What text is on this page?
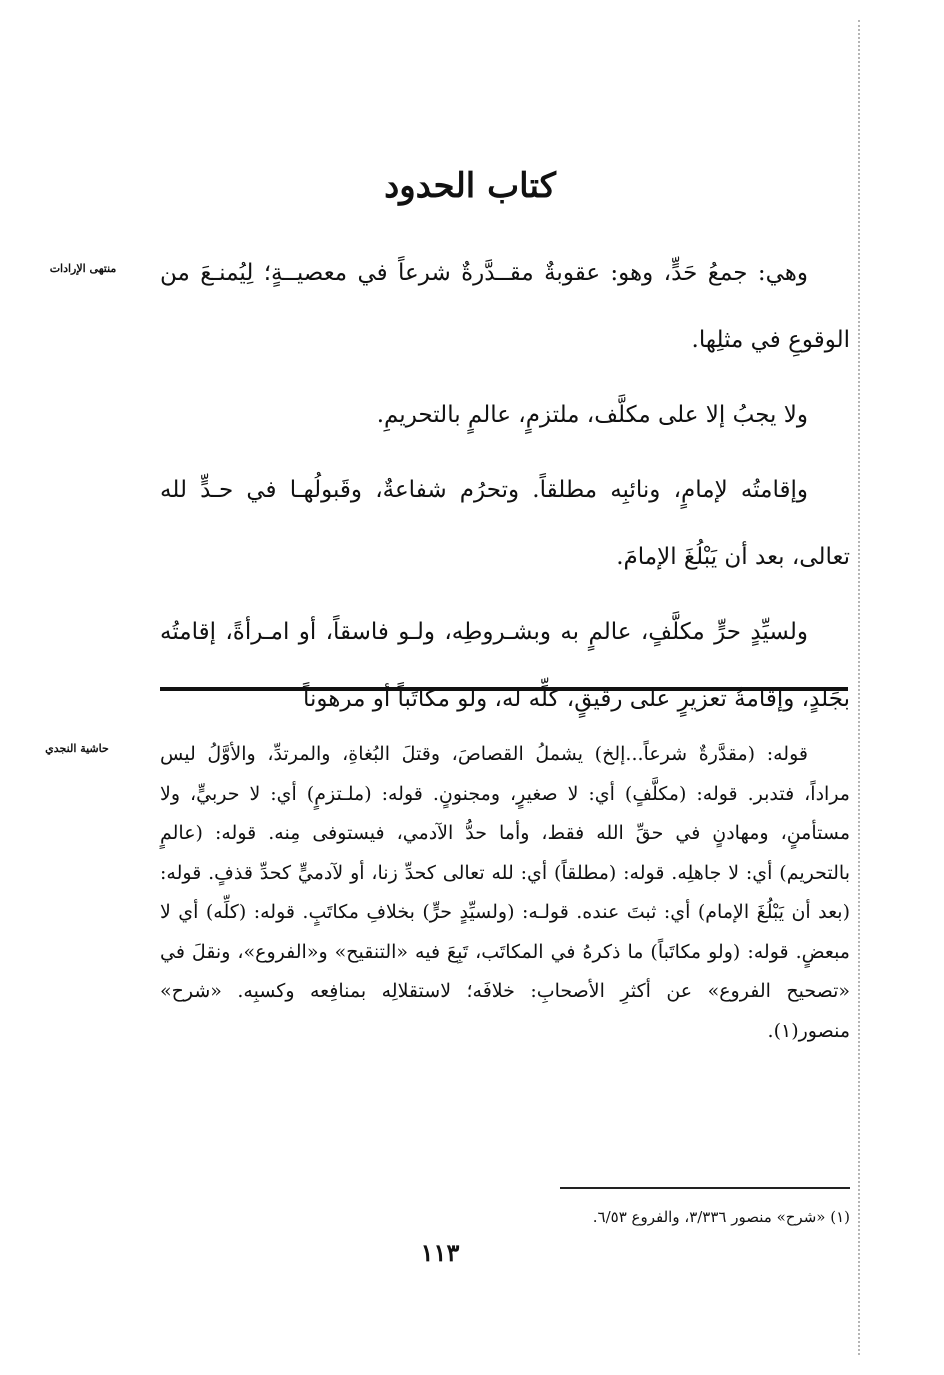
كتاب الحدود
منتهى الإرادات	وهي: جمعُ حَدٍّ، وهو: عقوبةٌ مقــدَّرةٌ شرعاً في معصيــةٍ؛ لِيُمنـعَ من الوقوعِ في مثلِها.

ولا يجبُ إلا على مكلَّف، ملتزمٍ، عالمٍ بالتحريمِ.

وإقامتُه لإمامٍ، ونائبِه مطلقاً. وتحرُم شفاعةٌ، وقَبولُهـا في حـدٍّ لله تعالى، بعد أن يَبْلُغَ الإمامَ.

ولسيِّدٍ حرٍّ مكلَّفٍ، عالمٍ به وبشـروطِه، ولـو فاسقاً، أو امـرأةً، إقامتُه بجَلدٍ، وإقامةُ تعزيرٍ على رقيقٍ، كلِّه له، ولو مكاتَباً أو مرهوناً

حاشية النجدي	قوله: (مقدَّرةٌ شرعاً...إلخ) يشملُ القصاصَ، وقتلَ البُغاةِ، والمرتدِّ، والأوَّلُ ليس مراداً، فتدبر. قوله: (مكلَّفٍ) أي: لا صغيرٍ، ومجنونٍ. قوله: (ملـتزمٍ) أي: لا حربيٍّ، ولا مستأمنٍ، ومهادنٍ في حقِّ الله فقط، وأما حدُّ الآدمي، فيستوفى مِنه. قوله: (عالمٍ بالتحريم) أي: لا جاهلِه. قوله: (مطلقاً) أي: لله تعالى كحدِّ زنا، أو لآدميٍّ كحدِّ قذفٍ. قوله: (بعد أن يَبْلُغَ الإمام) أي: ثبتَ عنده. قولـه: (ولسيِّدٍ حرٍّ) بخلافِ مكاتَبٍ. قوله: (كلِّه) أي لا مبعضٍ. قوله: (ولو مكاتَباً) ما ذكرهُ في المكاتَب، تَبِعَ فيه «التنقيح» و«الفروع»، ونقلَ في «تصحيح الفروع» عن أكثرِ الأصحابِ: خلافَه؛ لاستقلالِه بمنافِعه وكسبِه. «شرح» منصور(١).

(١) «شرح» منصور ٣/٣٣٦، والفروع ٦/٥٣.
١١٣
